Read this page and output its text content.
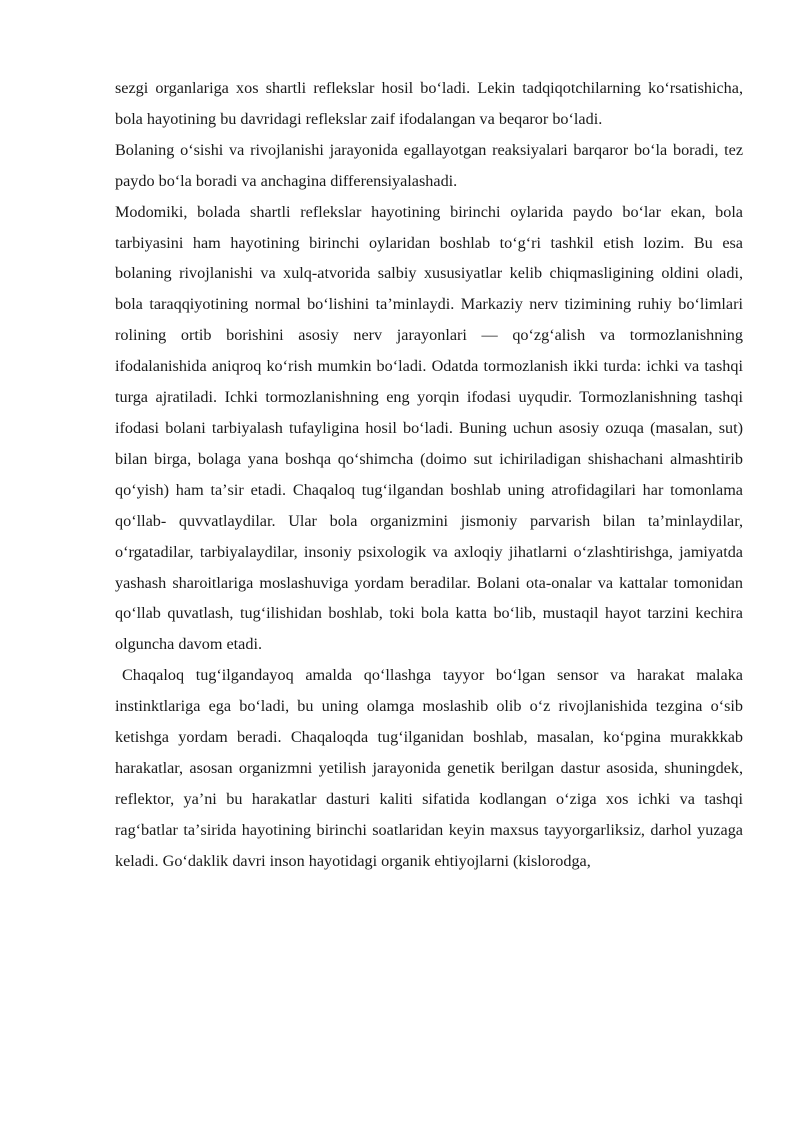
sezgi organlariga xos shartli reflekslar hosil boʻladi. Lekin tadqiqotchilarning koʻrsatishicha, bola hayotining bu davridagi reflekslar zaif ifodalangan va beqaror boʻladi.

Bolaning oʻsishi va rivojlanishi jarayonida egallayotgan reaksiyalari barqaror boʻla boradi, tez paydo boʻla boradi va anchagina differensiyalashadi.

Modomiki, bolada shartli reflekslar hayotining birinchi oylarida paydo boʻlar ekan, bola tarbiyasini ham hayotining birinchi oylaridan boshlab toʻgʻri tashkil etish lozim. Bu esa bolaning rivojlanishi va xulq-atvorida salbiy xususiyatlar kelib chiqmasligining oldini oladi, bola taraqqiyotining normal boʻlishini taʼminlaydi. Markaziy nerv tizimining ruhiy boʻlimlari rolining ortib borishini asosiy nerv jarayonlari — qoʻzgʻalish va tormozlanishning ifodalanishida aniqroq koʻrish mumkin boʻladi. Odatda tormozlanish ikki turda: ichki va tashqi turga ajratiladi. Ichki tormozlanishning eng yorqin ifodasi uyqudir. Tormozlanishning tashqi ifodasi bolani tarbiyalash tufayligina hosil boʻladi. Buning uchun asosiy ozuqa (masalan, sut) bilan birga, bolaga yana boshqa qoʻshimcha (doimo sut ichiriladigan shishachani almashtirib qoʻyish) ham taʼsir etadi. Chaqaloq tugʻilgandan boshlab uning atrofidagilari har tomonlama qoʻllab- quvvatlaydilar. Ular bola organizmini jismoniy parvarish bilan taʼminlaydilar, oʻrgatadilar, tarbiyalaydilar, insoniy psixologik va axloqiy jihatlarni oʻzlashtirishga, jamiyatda yashash sharoitlariga moslashuviga yordam beradilar. Bolani ota-onalar va kattalar tomonidan qoʻllab quvatlash, tugʻilishidan boshlab, toki bola katta boʻlib, mustaqil hayot tarzini kechira olguncha davom etadi.

Chaqaloq tugʻilgandayoq amalda qoʻllashga tayyor boʻlgan sensor va harakat malaka instinktlariga ega boʻladi, bu uning olamga moslashib olib oʻz rivojlanishida tezgina oʻsib ketishga yordam beradi. Chaqaloqda tugʻilganidan boshlab, masalan, koʻpgina murakkkab harakatlar, asosan organizmni yetilish jarayonida genetik berilgan dastur asosida, shuningdek, reflektor, yaʼni bu harakatlar dasturi kaliti sifatida kodlangan oʻziga xos ichki va tashqi ragʻbatlar taʼsirida hayotining birinchi soatlaridan keyin maxsus tayyorgarliksiz, darhol yuzaga keladi. Goʻdaklik davri inson hayotidagi organik ehtiyojlarni (kislorodga,
